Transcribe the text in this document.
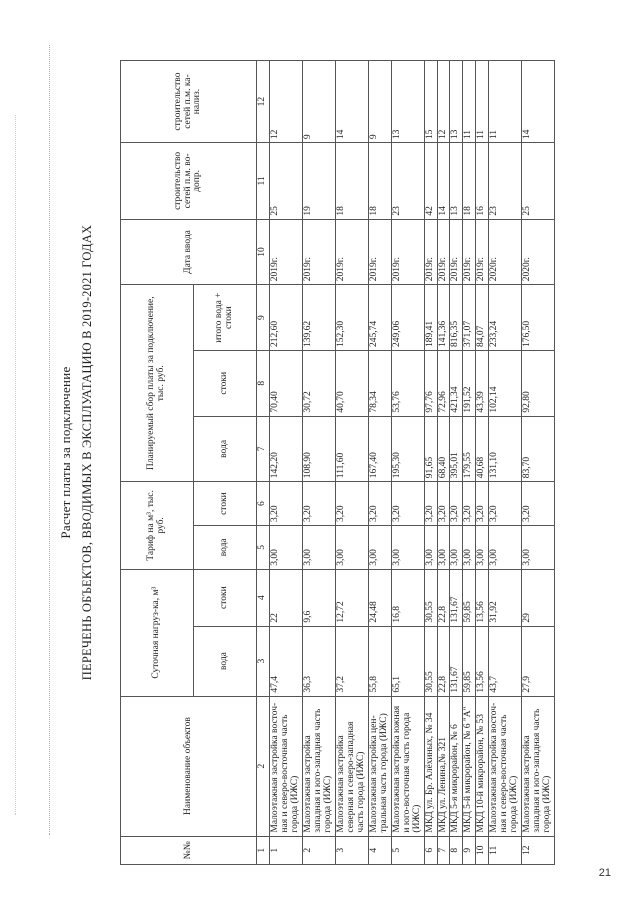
Расчет платы за подключение ПЕРЕЧЕНЬ ОБЪЕКТОВ, ВВОДИМЫХ В ЭКСПЛУАТАЦИЮ В 2019-2021 ГОДАХ
№№	Наименование объектов	Суточная нагруз-ка, м³		Тариф на м³, тыс. руб.		Планируемый сбор платы за подключение, тыс. руб.			Дата ввода	строительство сетей п.м. во-допр.	строительство сетей п.м. ка-нализ.
		вода	стоки	вода	стоки	вода	стоки	итого вода + стоки			
1	2	3	4	5	6	7	8	9	10	11	12
1	Малоэтажная застройка восточ-ная и северо-восточная часть города (ИЖС)	47,4	22	3,00	3,20	142,20	70,40	212,60	2019г.	25	12
2	Малоэтажная застройка западная и юго-западная часть города (ИЖС)	36,3	9,6	3,00	3,20	108,90	30,72	139,62	2019г.	19	9
3	Малоэтажная застройка северная и северо-западная часть города (ИЖС)	37,2	12,72	3,00	3,20	111,60	40,70	152,30	2019г.	18	14
4	Малоэтажная застройка цен-тральная часть города (ИЖС)	55,8	24,48	3,00	3,20	167,40	78,34	245,74	2019г.	18	9
5	Малоэтажная застройка южная и юго-восточная часть города (ИЖС)	65,1	16,8	3,00	3,20	195,30	53,76	249,06	2019г.	23	13
6	МКД ул. Бр. Алёхиных, № 34	30,55	30,55	3,00	3,20	91,65	97,76	189,41	2019г.	42	15
7	МКД ул. Ленина,№ 321	22,8	22,8	3,00	3,20	68,40	72,96	141,36	2019г.	14	12
8	МКД 5-я микрорайон, № 6	131,67	131,67	3,00	3,20	395,01	421,34	816,35	2019г.	13	13
9	МКД 5-й микрорайон, № 6 "А"	59,85	59,85	3,00	3,20	179,55	191,52	371,07	2019г.	18	11
10	МКД 10-й микрорайон, № 53	13,56	13,56	3,00	3,20	40,68	43,39	84,07	2019г.	16	11
11	Малоэтажная застройка восточ-ная и северо-восточная часть города (ИЖС)	43,7	31,92	3,00	3,20	131,10	102,14	233,24	2020г.	23	11
12	Малоэтажная застройка западная и юго-западная часть города (ИЖС)	27,9	29	3,00	3,20	83,70	92,80	176,50	2020г.	25	14
21
